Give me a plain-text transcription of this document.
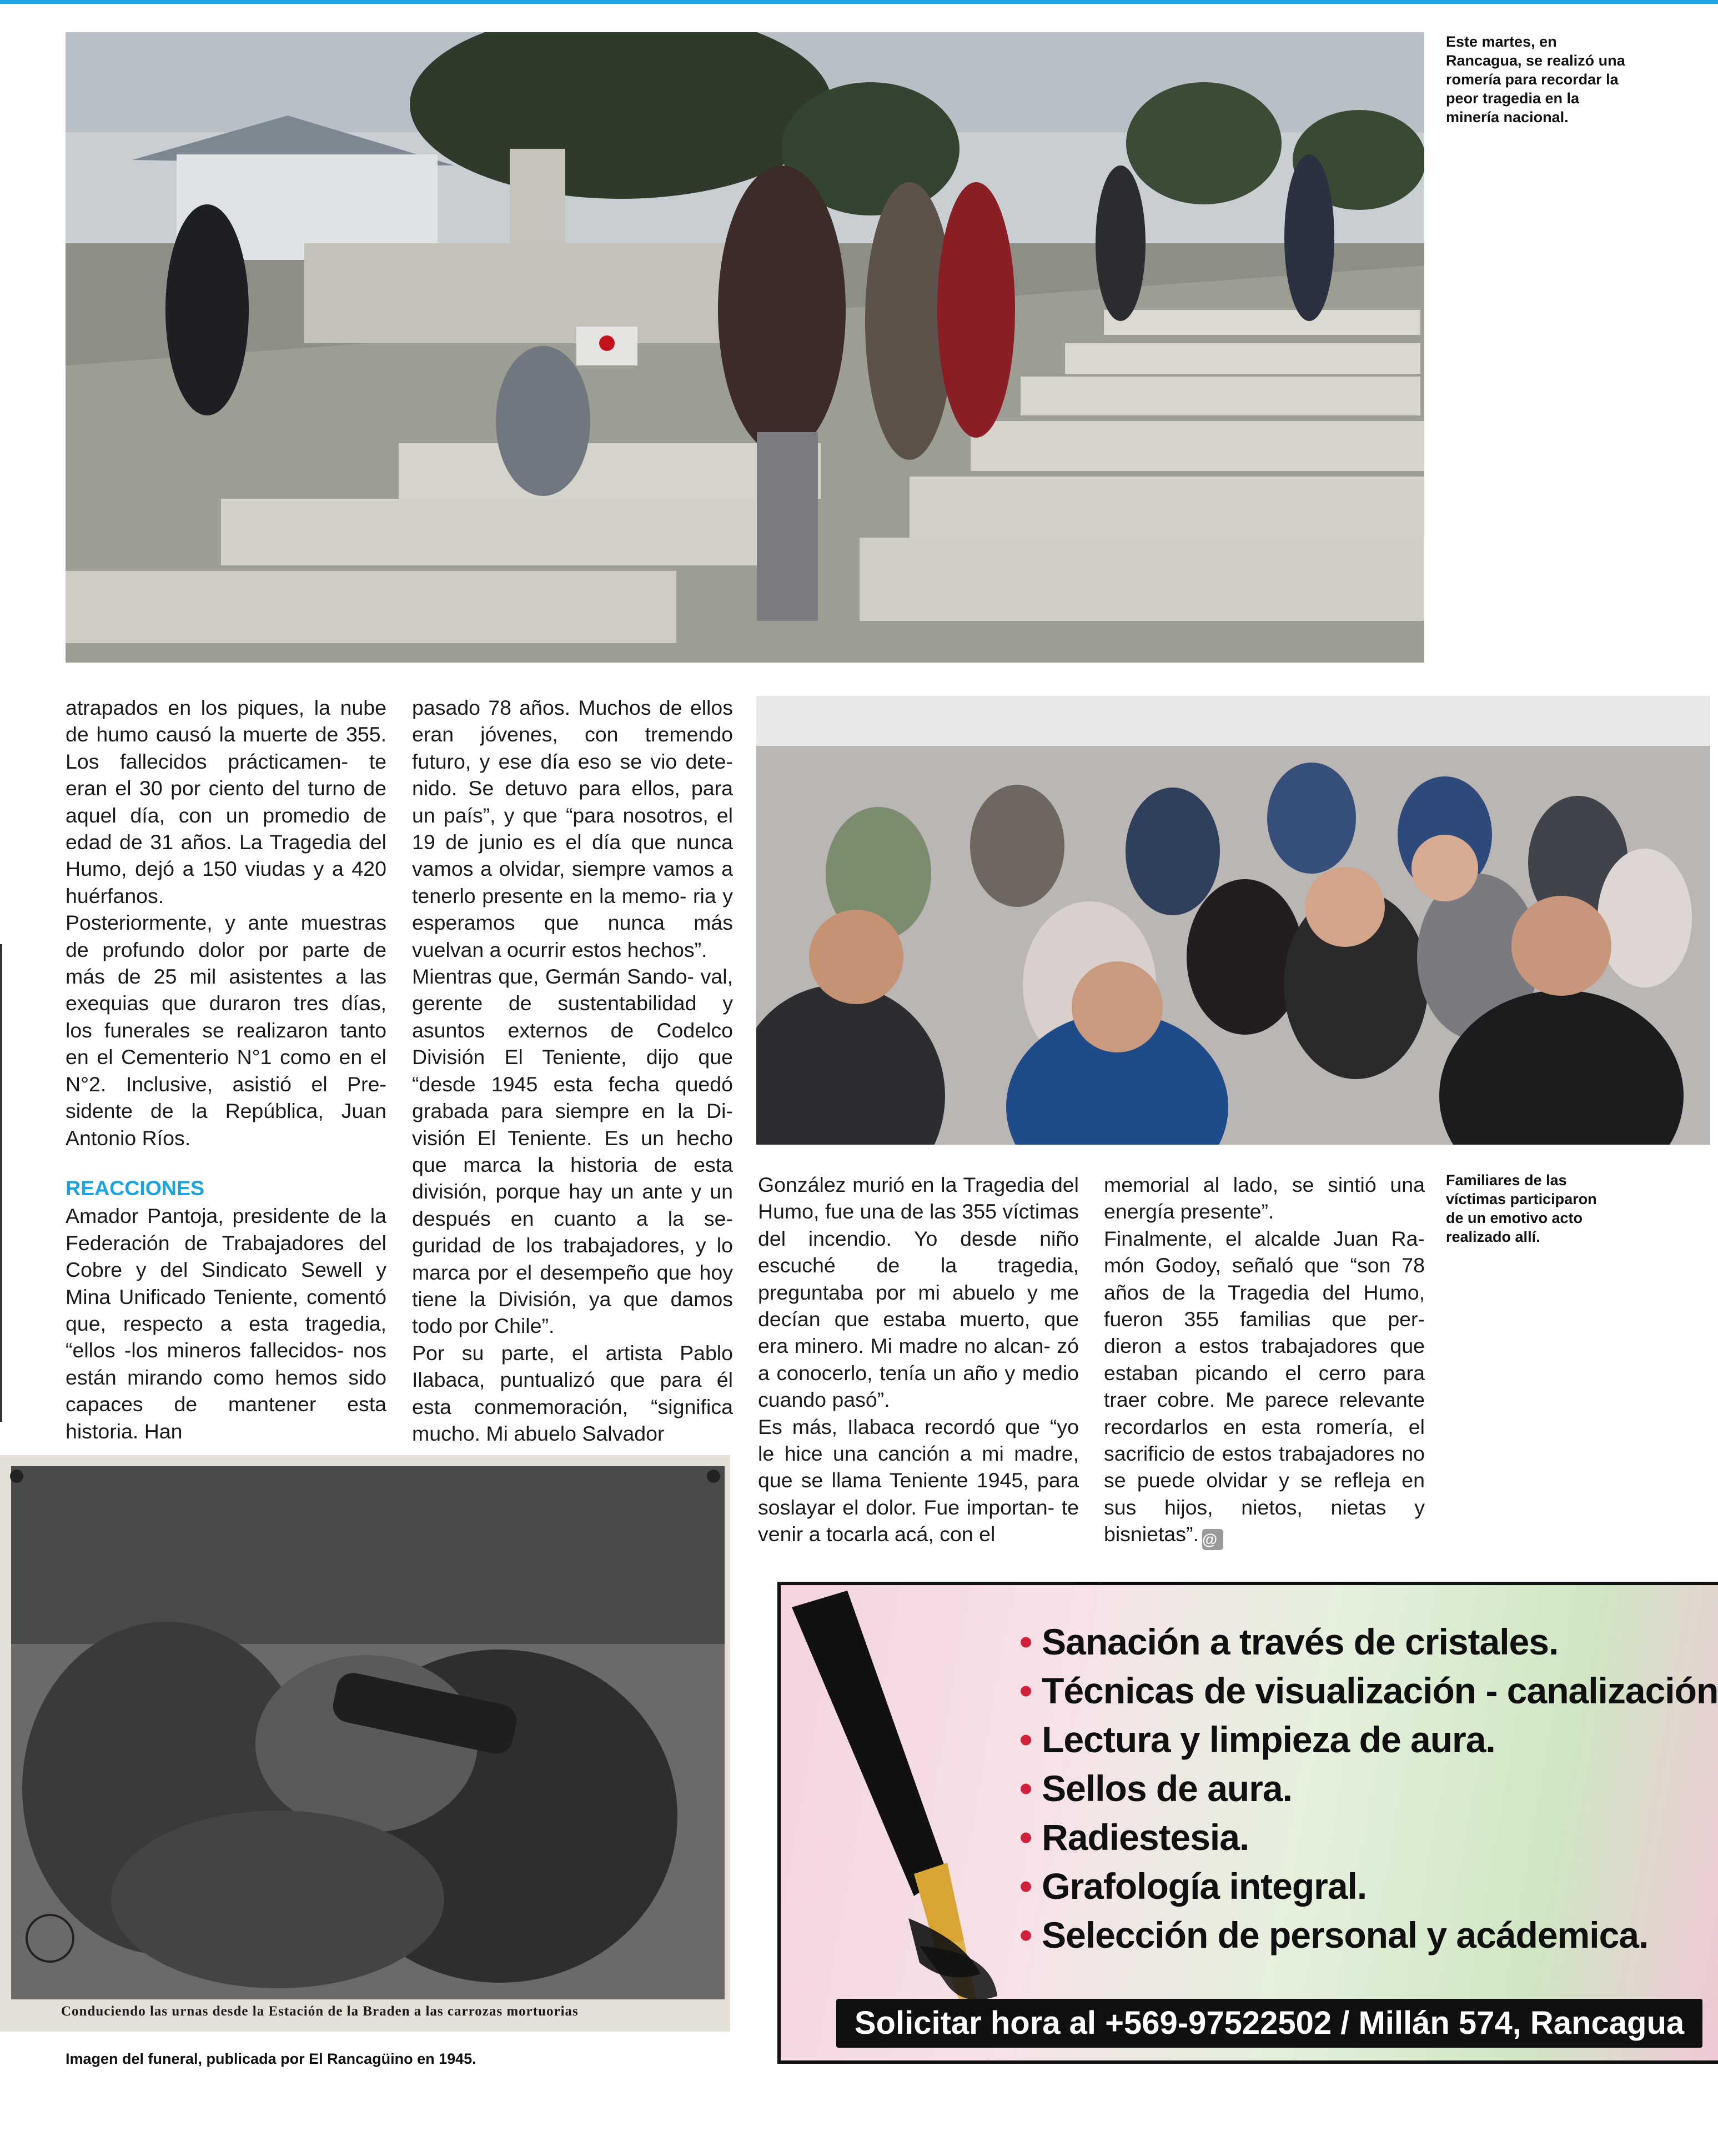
Este martes, en Rancagua, se realizó una romería para recordar la peor tragedia en la minería nacional.
Familiares de las víctimas participaron de un emotivo acto realizado allí.

atrapados en los piques, la nube de humo causó la muerte de 355. Los fallecidos prácticamen- te eran el 30 por ciento del turno de aquel día, con un promedio de edad de 31 años. La Tragedia del Humo, dejó a 150 viudas y a 420 huérfanos.

Posteriormente, y ante muestras de profundo dolor por parte de más de 25 mil asistentes a las exequias que duraron tres días, los funerales se realizaron tanto en el Cementerio N°1 como en el N°2. Inclusive, asistió el Pre- sidente de la República, Juan Antonio Ríos.

REACCIONES

Amador Pantoja, presidente de la Federación de Trabajadores del Cobre y del Sindicato Sewell y Mina Unificado Teniente, comentó que, respecto a esta tragedia, “ellos -los mineros fallecidos- nos están mirando como hemos sido capaces de mantener esta historia. Han

pasado 78 años. Muchos de ellos eran jóvenes, con tremendo futuro, y ese día eso se vio dete- nido. Se detuvo para ellos, para un país”, y que “para nosotros, el 19 de junio es el día que nunca vamos a olvidar, siempre vamos a tenerlo presente en la memo- ria y esperamos que nunca más vuelvan a ocurrir estos hechos”.

Mientras que, Germán Sando- val, gerente de sustentabilidad y asuntos externos de Codelco División El Teniente, dijo que “desde 1945 esta fecha quedó grabada para siempre en la Di- visión El Teniente. Es un hecho que marca la historia de esta división, porque hay un ante y un después en cuanto a la se- guridad de los trabajadores, y lo marca por el desempeño que hoy tiene la División, ya que damos todo por Chile”.

Por su parte, el artista Pablo Ilabaca, puntualizó que para él esta conmemoración, “significa mucho. Mi abuelo Salvador

González murió en la Tragedia del Humo, fue una de las 355 víctimas del incendio. Yo desde niño escuché de la tragedia, preguntaba por mi abuelo y me decían que estaba muerto, que era minero. Mi madre no alcan- zó a conocerlo, tenía un año y medio cuando pasó”.

Es más, Ilabaca recordó que “yo le hice una canción a mi madre, que se llama Teniente 1945, para soslayar el dolor. Fue importan- te venir a tocarla acá, con el

memorial al lado, se sintió una energía presente”.

Finalmente, el alcalde Juan Ra- món Godoy, señaló que “son 78 años de la Tragedia del Humo, fueron 355 familias que per- dieron a estos trabajadores que estaban picando el cerro para traer cobre. Me parece relevante recordarlos en esta romería, el sacrificio de estos trabajadores no se puede olvidar y se refleja en sus hijos, nietos, nietas y bisnietas”. @

Conduciendo las urnas desde la Estación de la Braden a las carrozas mortuorias
Imagen del funeral, publicada por El Rancagüino en 1945.
• Sanación a través de cristales.
• Técnicas de visualización - canalización
• Lectura y limpieza de aura.
• Sellos de aura.
• Radiestesia.
• Grafología integral.
• Selección de personal y acádemica.
Solicitar hora al +569-97522502 / Millán 574, Rancagua
